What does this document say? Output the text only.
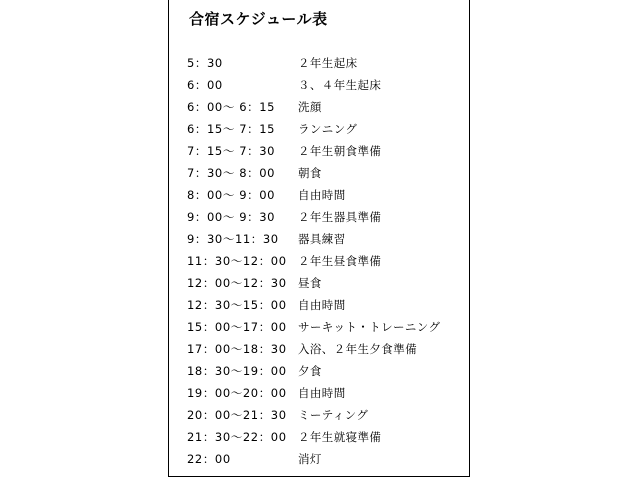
合宿スケジュール表
5：30	２年生起床
6：00	３、４年生起床
6：00～ 6：15 洗顔
6：15～ 7：15 ランニング
7：15～ 7：30 ２年生朝食準備
7：30～ 8：00 朝食
8：00～ 9：00 自由時間
9：00～ 9：30 ２年生器具準備
9：30～11：30 器具練習
11：30～12：00 ２年生昼食準備
12：00～12：30 昼食
12：30～15：00 自由時間
15：00～17：00 サーキット・トレーニング
17：00～18：30 入浴、２年生夕食準備
18：30～19：00 夕食
19：00～20：00 自由時間
20：00～21：30 ミーティング
21：30～22：00 ２年生就寝準備
22：00	消灯
